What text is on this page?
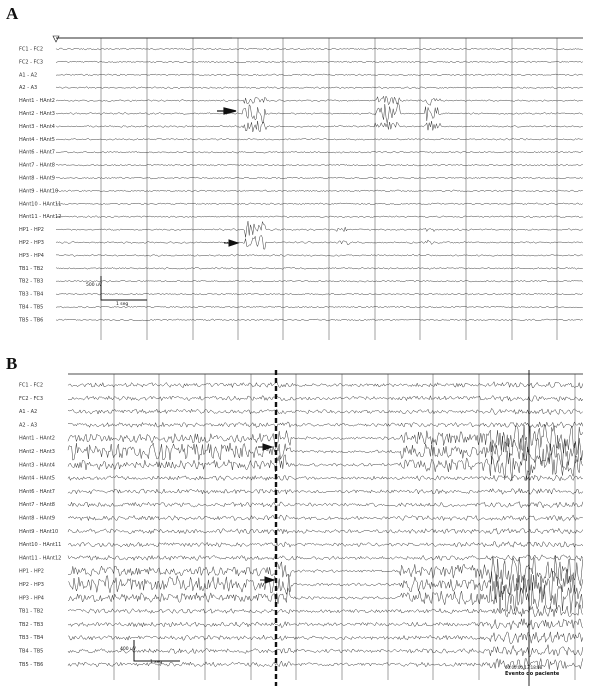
A
FC1 - FC2
FC2 - FC3
A1 - A2
A2 - A3
HAnt1 - HAnt2
HAnt2 - HAnt3
HAnt3 - HAnt4
HAnt4 - HAnt5
HAnt6 - HAnt7
HAnt7 - HAnt8
HAnt8 - HAnt9
HAnt9 - HAnt10
HAnt10 - HAnt11
HAnt11 - HAnt12
HP1 - HP2
HP2 - HP3
HP3 - HP4
TB1 - TB2
TB2 - TB3
TB3 - TB4
TB4 - TB5
TB5 - TB6
500 uV
1 seg
B
FC1 - FC2
FC2 - FC3
A1 - A2
A2 - A3
HAnt1 - HAnt2
HAnt2 - HAnt3
HAnt3 - HAnt4
HAnt4 - HAnt5
HAnt6 - HAnt7
HAnt7 - HAnt8
HAnt8 - HAnt9
HAnt9 - HAnt10
HAnt10 - HAnt11
HAnt11 - HAnt12
HP1 - HP2
HP2 - HP3
HP3 - HP4
TB1 - TB2
TB2 - TB3
TB3 - TB4
TB4 - TB5
TB5 - TB6
400 uV
1 seg
00:00:00 13:18:08
Evento do paciente
